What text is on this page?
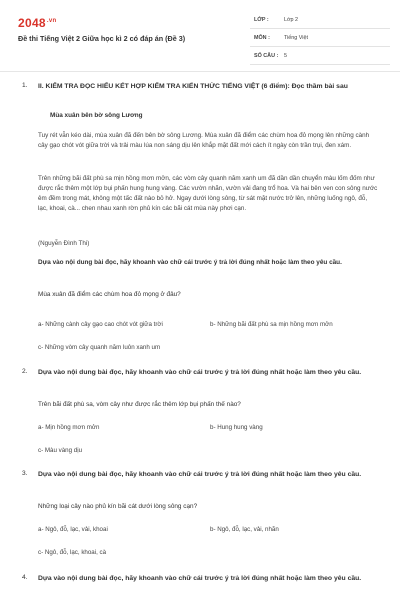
$2048^{.vn}$
Đề thi Tiếng Việt 2 Giữa học kì 2 có đáp án (Đề 3)
LỚP :	Lớp 2
MÔN :	Tiếng Việt
SỐ CÂU : 5
1. II. KIỂM TRA ĐỌC HIỂU KẾT HỢP KIỂM TRA KIẾN THỨC TIẾNG VIỆT (6 điểm): Đọc thầm bài sau
Mùa xuân bên bờ sông Lương
Tuy rét vẫn kéo dài, mùa xuân đã đến bên bờ sông Lương. Mùa xuân đã điểm các chùm hoa đỏ mọng lên những cành cây gạo chót vót giữa trời và trải màu lúa non sáng dịu lên khắp mặt đất mới cách ít ngày còn trần trụi, đen xám.
Trên những bãi đất phù sa mịn hồng mơn mởn, các vòm cây quanh năm xanh um đã dần dần chuyển màu lốm đốm như được rắc thêm một lớp bụi phấn hung hung vàng. Các vườn nhãn, vườn vải đang trổ hoa. Và hai bên ven con sông nước êm đềm trong mát, không một tấc đất nào bỏ hở. Ngay dưới lòng sông, từ sát mặt nước trở lên, những luống ngô, đỗ, lạc, khoai, cà... chen nhau xanh rờn phủ kín các bãi cát mùa này phơi cạn.
(Nguyễn Đình Thi)
Dựa vào nội dung bài đọc, hãy khoanh vào chữ cái trước ý trả lời đúng nhất hoặc làm theo yêu cầu.
Mùa xuân đã điểm các chùm hoa đỏ mọng ở đâu?
a- Những cành cây gạo cao chót vót giữa trời	b- Những bãi đất phù sa mịn hồng mơn mởn
c- Những vòm cây quanh năm luôn xanh um
2. Dựa vào nội dung bài đọc, hãy khoanh vào chữ cái trước ý trả lời đúng nhất hoặc làm theo yêu cầu.
Trên bãi đất phù sa, vòm cây như được rắc thêm lớp bụi phấn thế nào?
a- Mịn hồng mơn mởn	b- Hung hung vàng
c- Màu vàng dịu
3. Dựa vào nội dung bài đọc, hãy khoanh vào chữ cái trước ý trả lời đúng nhất hoặc làm theo yêu cầu.
Những loại cây nào phủ kín bãi cát dưới lòng sông cạn?
a- Ngô, đỗ, lạc, vải, khoai	b- Ngô, đỗ, lạc, vải, nhãn
c- Ngô, đỗ, lạc, khoai, cà
4. Dựa vào nội dung bài đọc, hãy khoanh vào chữ cái trước ý trả lời đúng nhất hoặc làm theo yêu cầu.
